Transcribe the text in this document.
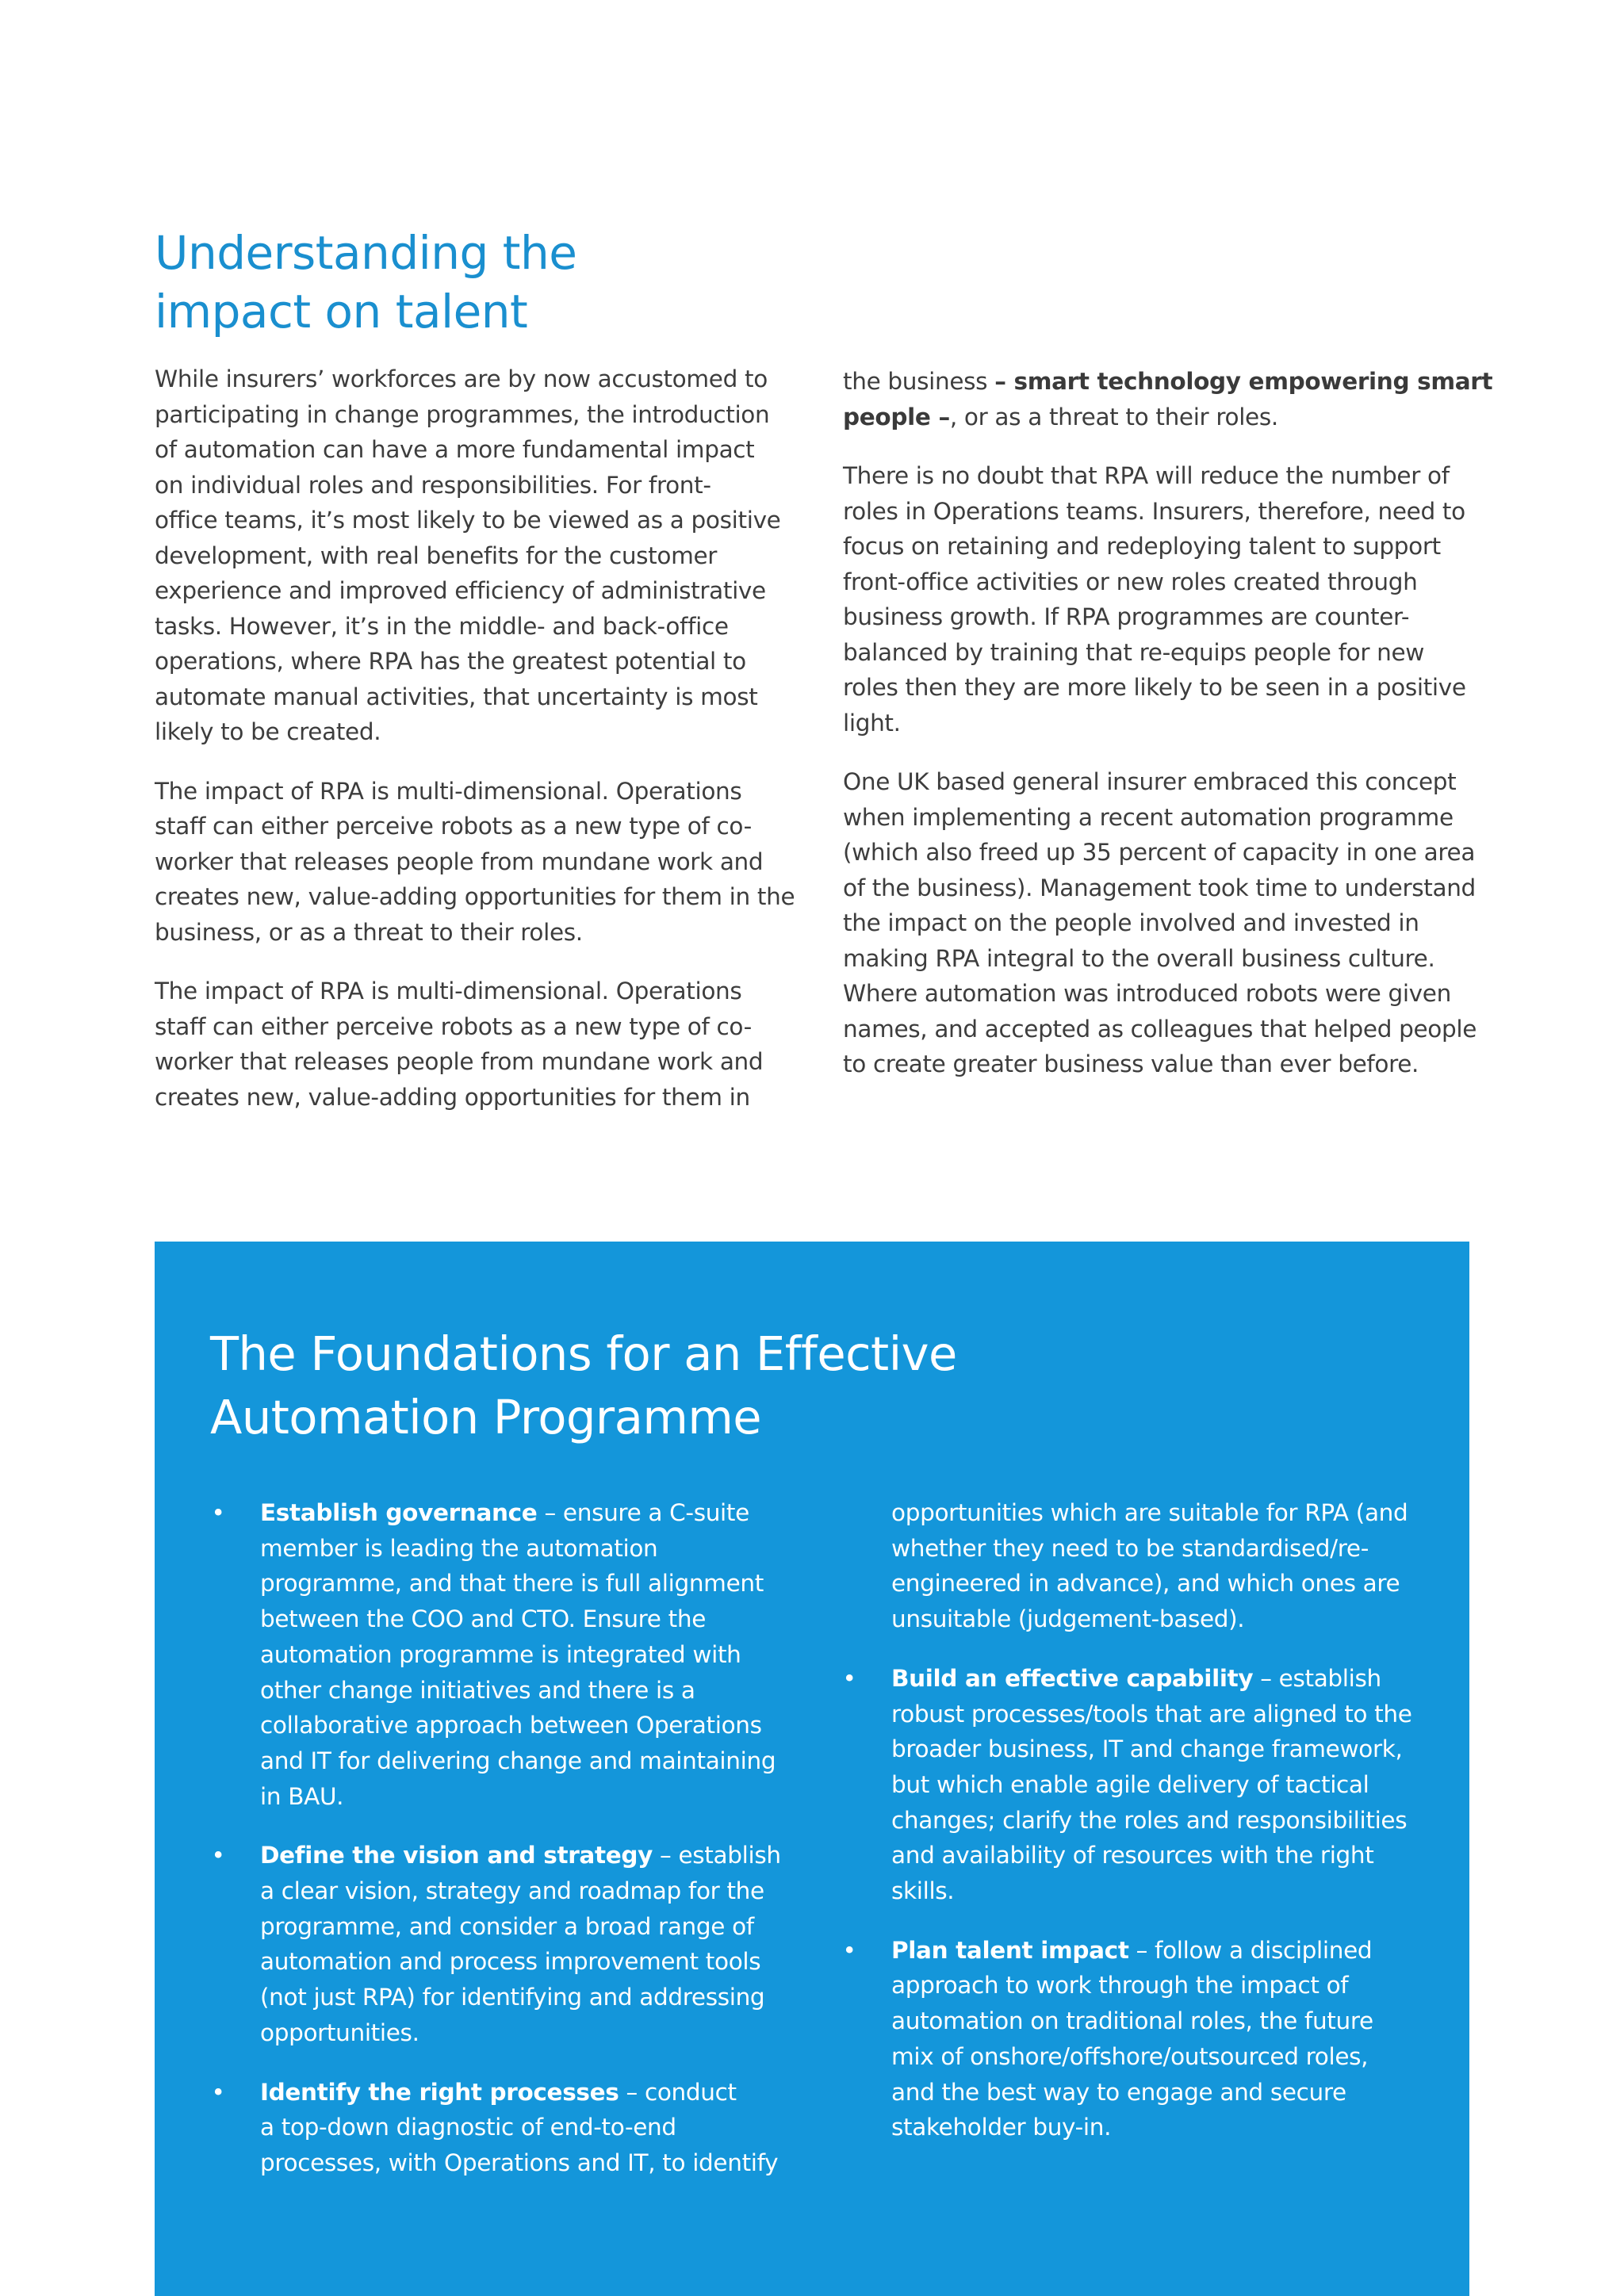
Understanding the
impact on talent

While insurers’ workforces are by now accustomed to
participating in change programmes, the introduction
of automation can have a more fundamental impact
on individual roles and responsibilities. For front-
office teams, it’s most likely to be viewed as a positive
development, with real benefits for the customer
experience and improved efficiency of administrative
tasks. However, it’s in the middle- and back-office
operations, where RPA has the greatest potential to
automate manual activities, that uncertainty is most
likely to be created.

The impact of RPA is multi-dimensional. Operations
staff can either perceive robots as a new type of co-
worker that releases people from mundane work and
creates new, value-adding opportunities for them in the
business, or as a threat to their roles.

The impact of RPA is multi-dimensional. Operations
staff can either perceive robots as a new type of co-
worker that releases people from mundane work and
creates new, value-adding opportunities for them in

the business – smart technology empowering smart
people –, or as a threat to their roles.

There is no doubt that RPA will reduce the number of
roles in Operations teams. Insurers, therefore, need to
focus on retaining and redeploying talent to support
front-office activities or new roles created through
business growth. If RPA programmes are counter-
balanced by training that re-equips people for new
roles then they are more likely to be seen in a positive
light.

One UK based general insurer embraced this concept
when implementing a recent automation programme
(which also freed up 35 percent of capacity in one area
of the business). Management took time to understand
the impact on the people involved and invested in
making RPA integral to the overall business culture.
Where automation was introduced robots were given
names, and accepted as colleagues that helped people
to create greater business value than ever before.

The Foundations for an Effective
Automation Programme
• Establish governance – ensure a C-suite
member is leading the automation
programme, and that there is full alignment
between the COO and CTO. Ensure the
automation programme is integrated with
other change initiatives and there is a
collaborative approach between Operations
and IT for delivering change and maintaining
in BAU.
• Define the vision and strategy – establish
a clear vision, strategy and roadmap for the
programme, and consider a broad range of
automation and process improvement tools
(not just RPA) for identifying and addressing
opportunities.
• Identify the right processes – conduct
a top-down diagnostic of end-to-end
processes, with Operations and IT, to identify
opportunities which are suitable for RPA (and
whether they need to be standardised/re-
engineered in advance), and which ones are
unsuitable (judgement-based).
• Build an effective capability – establish
robust processes/tools that are aligned to the
broader business, IT and change framework,
but which enable agile delivery of tactical
changes; clarify the roles and responsibilities
and availability of resources with the right
skills.
• Plan talent impact – follow a disciplined
approach to work through the impact of
automation on traditional roles, the future
mix of onshore/offshore/outsourced roles,
and the best way to engage and secure
stakeholder buy-in.
